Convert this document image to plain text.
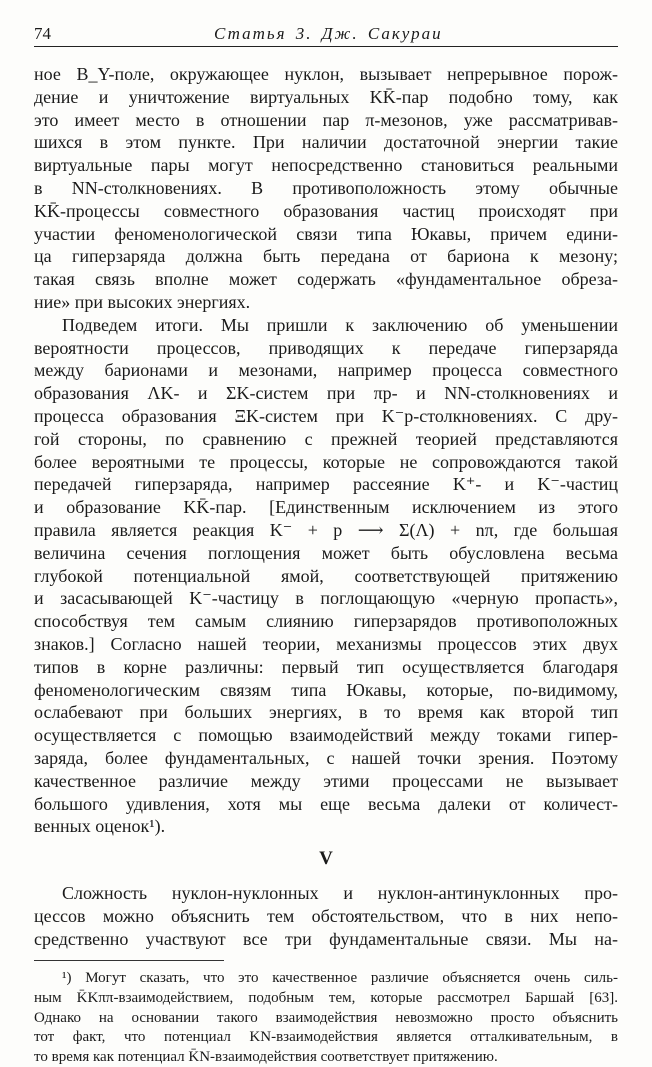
74	Статья 3. Дж. Сакураи
ное B_Y-поле, окружающее нуклон, вызывает непрерывное порож-
дение и уничтожение виртуальных KK̄-пар подобно тому, как
это имеет место в отношении пар π-мезонов, уже рассматривав-
шихся в этом пункте. При наличии достаточной энергии такие
виртуальные пары могут непосредственно становиться реальными
в NN-столкновениях. В противоположность этому обычные
KK̄-процессы совместного образования частиц происходят при
участии феноменологической связи типа Юкавы, причем едини-
ца гиперзаряда должна быть передана от бариона к мезону;
такая связь вполне может содержать «фундаментальное обреза-
ние» при высоких энергиях.
Подведем итоги. Мы пришли к заключению об уменьшении
вероятности процессов, приводящих к передаче гиперзаряда
между барионами и мезонами, например процесса совместного
образования ΛK- и ΣK-систем при πp- и NN-столкновениях и
процесса образования ΞK-систем при K⁻p-столкновениях. С дру-
гой стороны, по сравнению с прежней теорией представляются
более вероятными те процессы, которые не сопровождаются такой
передачей гиперзаряда, например рассеяние K⁺- и K⁻-частиц
и образование KK̄-пар. [Единственным исключением из этого
правила является реакция K⁻ + p ⟶ Σ(Λ) + nπ, где большая
величина сечения поглощения может быть обусловлена весьма
глубокой потенциальной ямой, соответствующей притяжению
и засасывающей K⁻-частицу в поглощающую «черную пропасть»,
способствуя тем самым слиянию гиперзарядов противоположных
знаков.] Согласно нашей теории, механизмы процессов этих двух
типов в корне различны: первый тип осуществляется благодаря
феноменологическим связям типа Юкавы, которые, по-видимому,
ослабевают при больших энергиях, в то время как второй тип
осуществляется с помощью взаимодействий между токами гипер-
заряда, более фундаментальных, с нашей точки зрения. Поэтому
качественное различие между этими процессами не вызывает
большого удивления, хотя мы еще весьма далеки от количест-
венных оценок¹).
V
Сложность нуклон-нуклонных и нуклон-антинуклонных про-
цессов можно объяснить тем обстоятельством, что в них непо-
средственно участвуют все три фундаментальные связи. Мы на-
¹) Могут сказать, что это качественное различие объясняется очень силь-
ным K̄Kππ-взаимодействием, подобным тем, которые рассмотрел Баршай [63].
Однако на основании такого взаимодействия невозможно просто объяснить
тот факт, что потенциал KN-взаимодействия является отталкивательным, в
то время как потенциал K̄N-взаимодействия соответствует притяжению.
